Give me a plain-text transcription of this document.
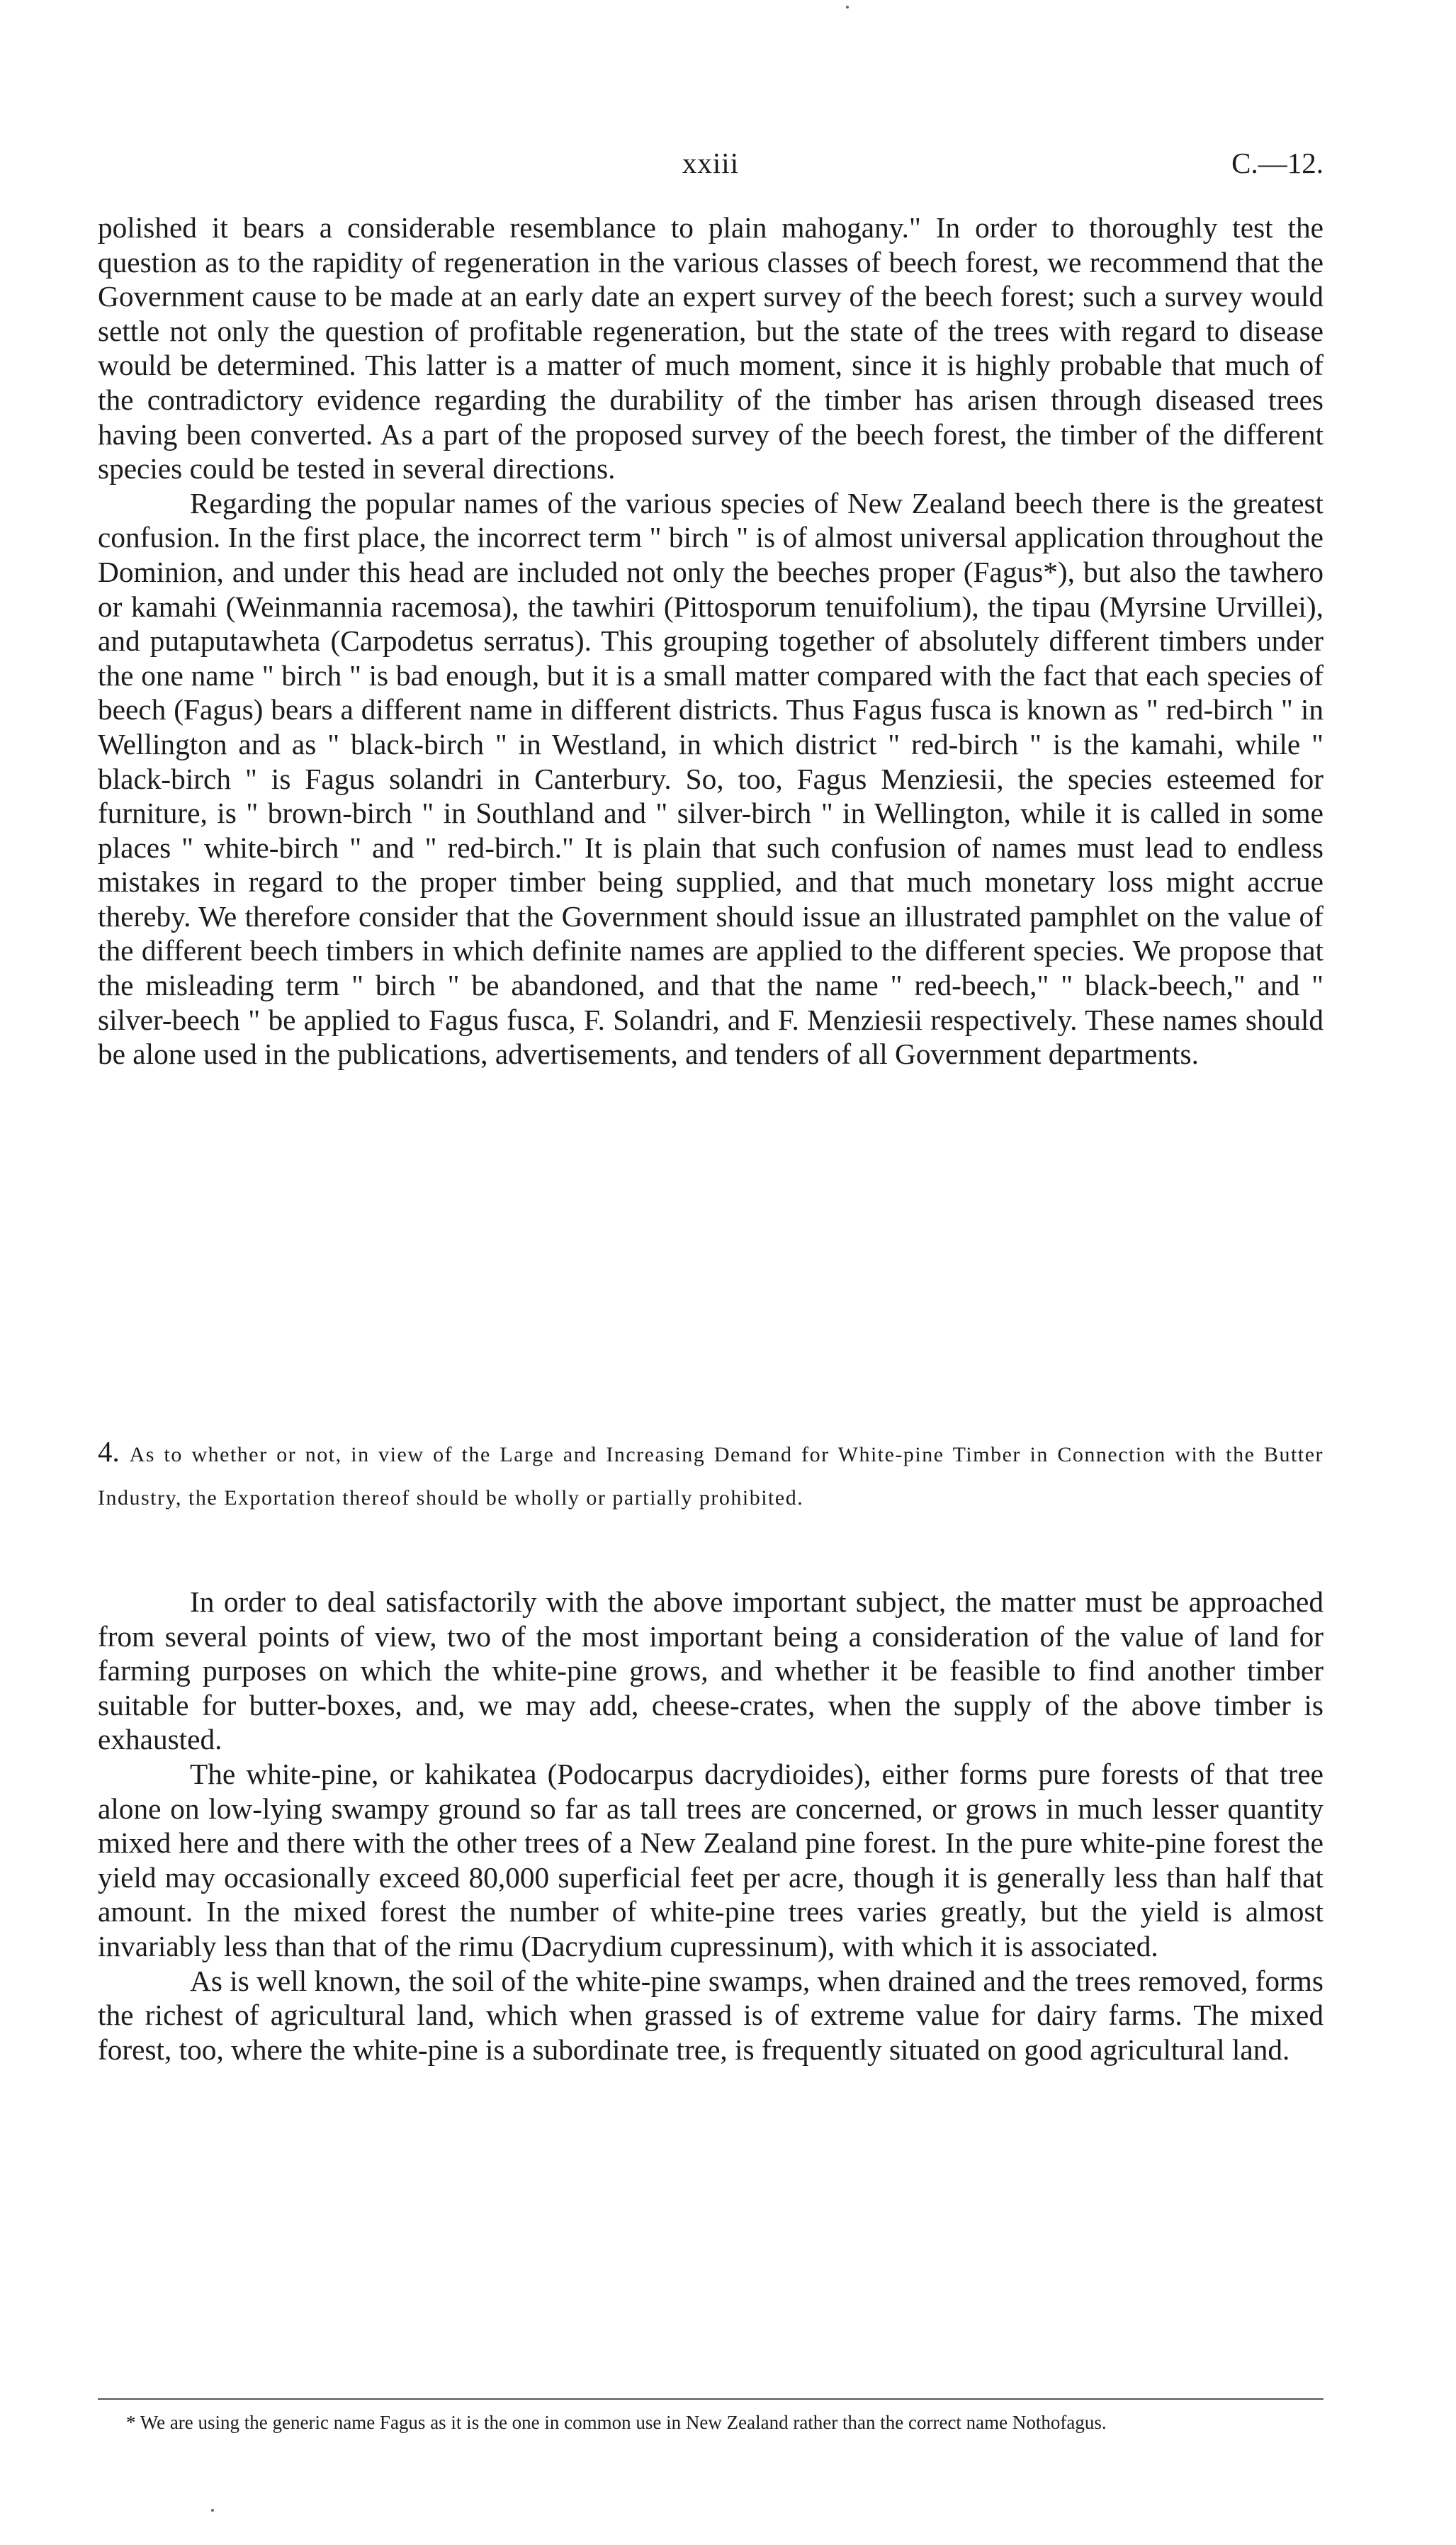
xxiii	C.—12.

polished it bears a considerable resemblance to plain mahogany." In order to thoroughly test the question as to the rapidity of regeneration in the various classes of beech forest, we recommend that the Government cause to be made at an early date an expert survey of the beech forest; such a survey would settle not only the question of profitable regeneration, but the state of the trees with regard to disease would be determined. This latter is a matter of much moment, since it is highly probable that much of the contradictory evidence regarding the durability of the timber has arisen through diseased trees having been converted. As a part of the proposed survey of the beech forest, the timber of the different species could be tested in several directions.

Regarding the popular names of the various species of New Zealand beech there is the greatest confusion. In the first place, the incorrect term " birch " is of almost universal application throughout the Dominion, and under this head are included not only the beeches proper (Fagus*), but also the tawhero or kamahi (Weinmannia racemosa), the tawhiri (Pittosporum tenuifolium), the tipau (Myrsine Urvillei), and putaputawheta (Carpodetus serratus). This grouping together of absolutely different timbers under the one name " birch " is bad enough, but it is a small matter compared with the fact that each species of beech (Fagus) bears a different name in different districts. Thus Fagus fusca is known as " red-birch " in Wellington and as " black-birch " in Westland, in which district " red-birch " is the kamahi, while " black-birch " is Fagus solandri in Canterbury. So, too, Fagus Menziesii, the species esteemed for furniture, is " brown-birch " in Southland and " silver-birch " in Wellington, while it is called in some places " white-birch " and " red-birch." It is plain that such confusion of names must lead to endless mistakes in regard to the proper timber being supplied, and that much monetary loss might accrue thereby. We therefore consider that the Government should issue an illustrated pamphlet on the value of the different beech timbers in which definite names are applied to the different species. We propose that the misleading term " birch " be abandoned, and that the name " red-beech," " black-beech," and " silver-beech " be applied to Fagus fusca, F. Solandri, and F. Menziesii respectively. These names should be alone used in the publications, advertisements, and tenders of all Government departments.

4. As to whether or not, in view of the Large and Increasing Demand for White-pine Timber in Connection with the Butter Industry, the Exportation thereof should be wholly or partially prohibited.

In order to deal satisfactorily with the above important subject, the matter must be approached from several points of view, two of the most important being a consideration of the value of land for farming purposes on which the white-pine grows, and whether it be feasible to find another timber suitable for butter-boxes, and, we may add, cheese-crates, when the supply of the above timber is exhausted.

The white-pine, or kahikatea (Podocarpus dacrydioides), either forms pure forests of that tree alone on low-lying swampy ground so far as tall trees are concerned, or grows in much lesser quantity mixed here and there with the other trees of a New Zealand pine forest. In the pure white-pine forest the yield may occasionally exceed 80,000 superficial feet per acre, though it is generally less than half that amount. In the mixed forest the number of white-pine trees varies greatly, but the yield is almost invariably less than that of the rimu (Dacrydium cupressinum), with which it is associated.

As is well known, the soil of the white-pine swamps, when drained and the trees removed, forms the richest of agricultural land, which when grassed is of extreme value for dairy farms. The mixed forest, too, where the white-pine is a subordinate tree, is frequently situated on good agricultural land.

* We are using the generic name Fagus as it is the one in common use in New Zealand rather than the correct name Nothofagus.
